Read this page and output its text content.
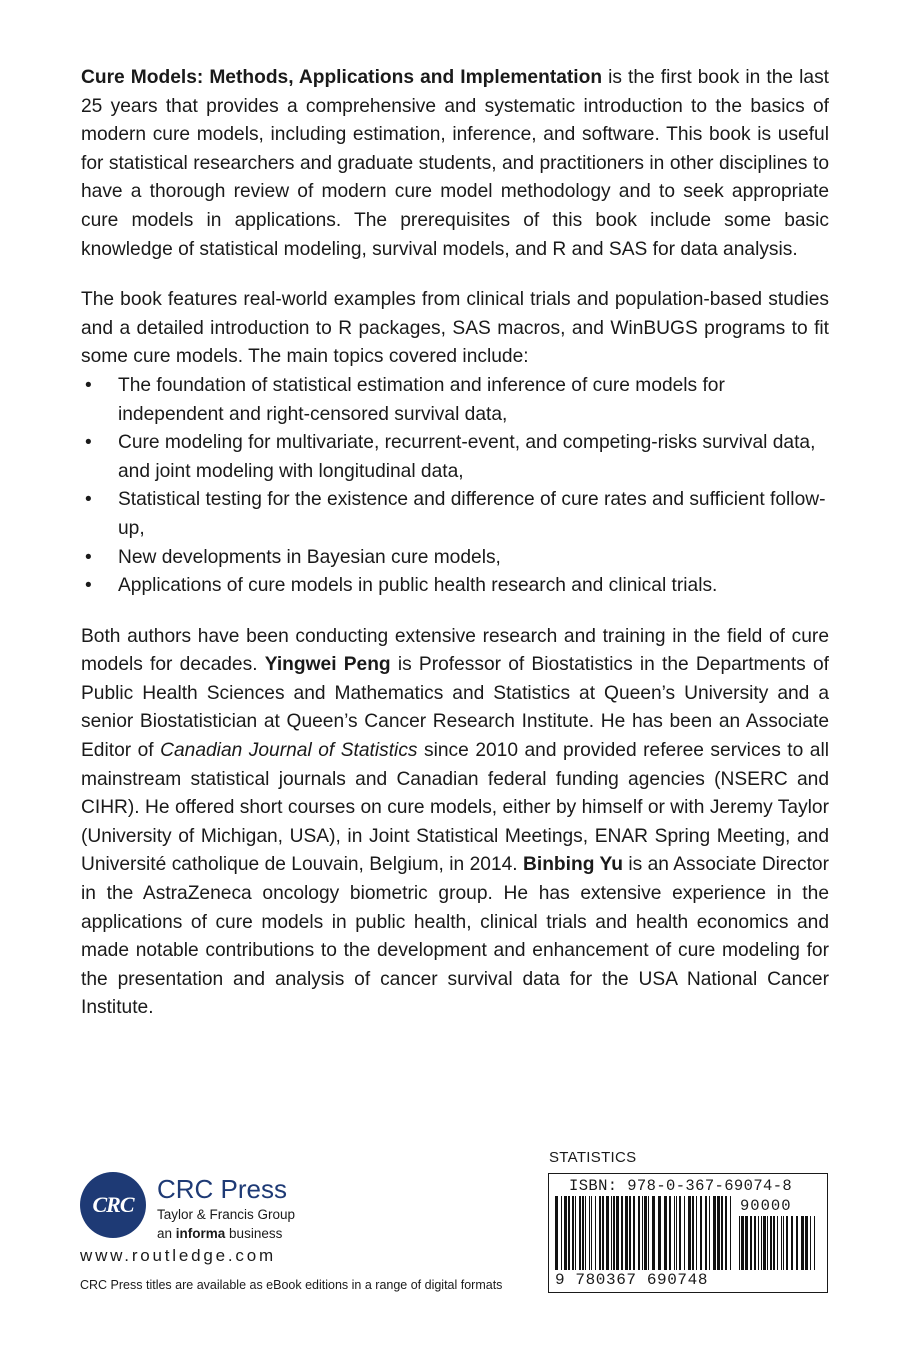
Cure Models: Methods, Applications and Implementation is the first book in the last 25 years that provides a comprehensive and systematic introduction to the basics of modern cure models, including estimation, inference, and software. This book is useful for statistical researchers and graduate students, and practitioners in other disciplines to have a thorough review of modern cure model methodology and to seek appropriate cure models in applications. The prerequisites of this book include some basic knowledge of statistical modeling, survival models, and R and SAS for data analysis.

The book features real-world examples from clinical trials and population-based studies and a detailed introduction to R packages, SAS macros, and WinBUGS programs to fit some cure models. The main topics covered include:

• The foundation of statistical estimation and inference of cure models for independent and right-censored survival data,
• Cure modeling for multivariate, recurrent-event, and competing-risks survival data, and joint modeling with longitudinal data,
• Statistical testing for the existence and difference of cure rates and sufficient follow-up,
• New developments in Bayesian cure models,
• Applications of cure models in public health research and clinical trials.

Both authors have been conducting extensive research and training in the field of cure models for decades. Yingwei Peng is Professor of Biostatistics in the Departments of Public Health Sciences and Mathematics and Statistics at Queen’s University and a senior Biostatistician at Queen’s Cancer Research Institute. He has been an Associate Editor of Canadian Journal of Statistics since 2010 and provided referee services to all mainstream statistical journals and Canadian federal funding agencies (NSERC and CIHR). He offered short courses on cure models, either by himself or with Jeremy Taylor (University of Michigan, USA), in Joint Statistical Meetings, ENAR Spring Meeting, and Université catholique de Louvain, Belgium, in 2014. Binbing Yu is an Associate Director in the AstraZeneca oncology biometric group. He has extensive experience in the applications of cure models in public health, clinical trials and health economics and made notable contributions to the development and enhancement of cure modeling for the presentation and analysis of cancer survival data for the USA National Cancer Institute.

CRC
CRC Press
Taylor & Francis Group
an informa business
www.routledge.com
CRC Press titles are available as eBook editions in a range of digital formats
STATISTICS
ISBN: 978-0-367-69074-8
90000
9 780367 690748
